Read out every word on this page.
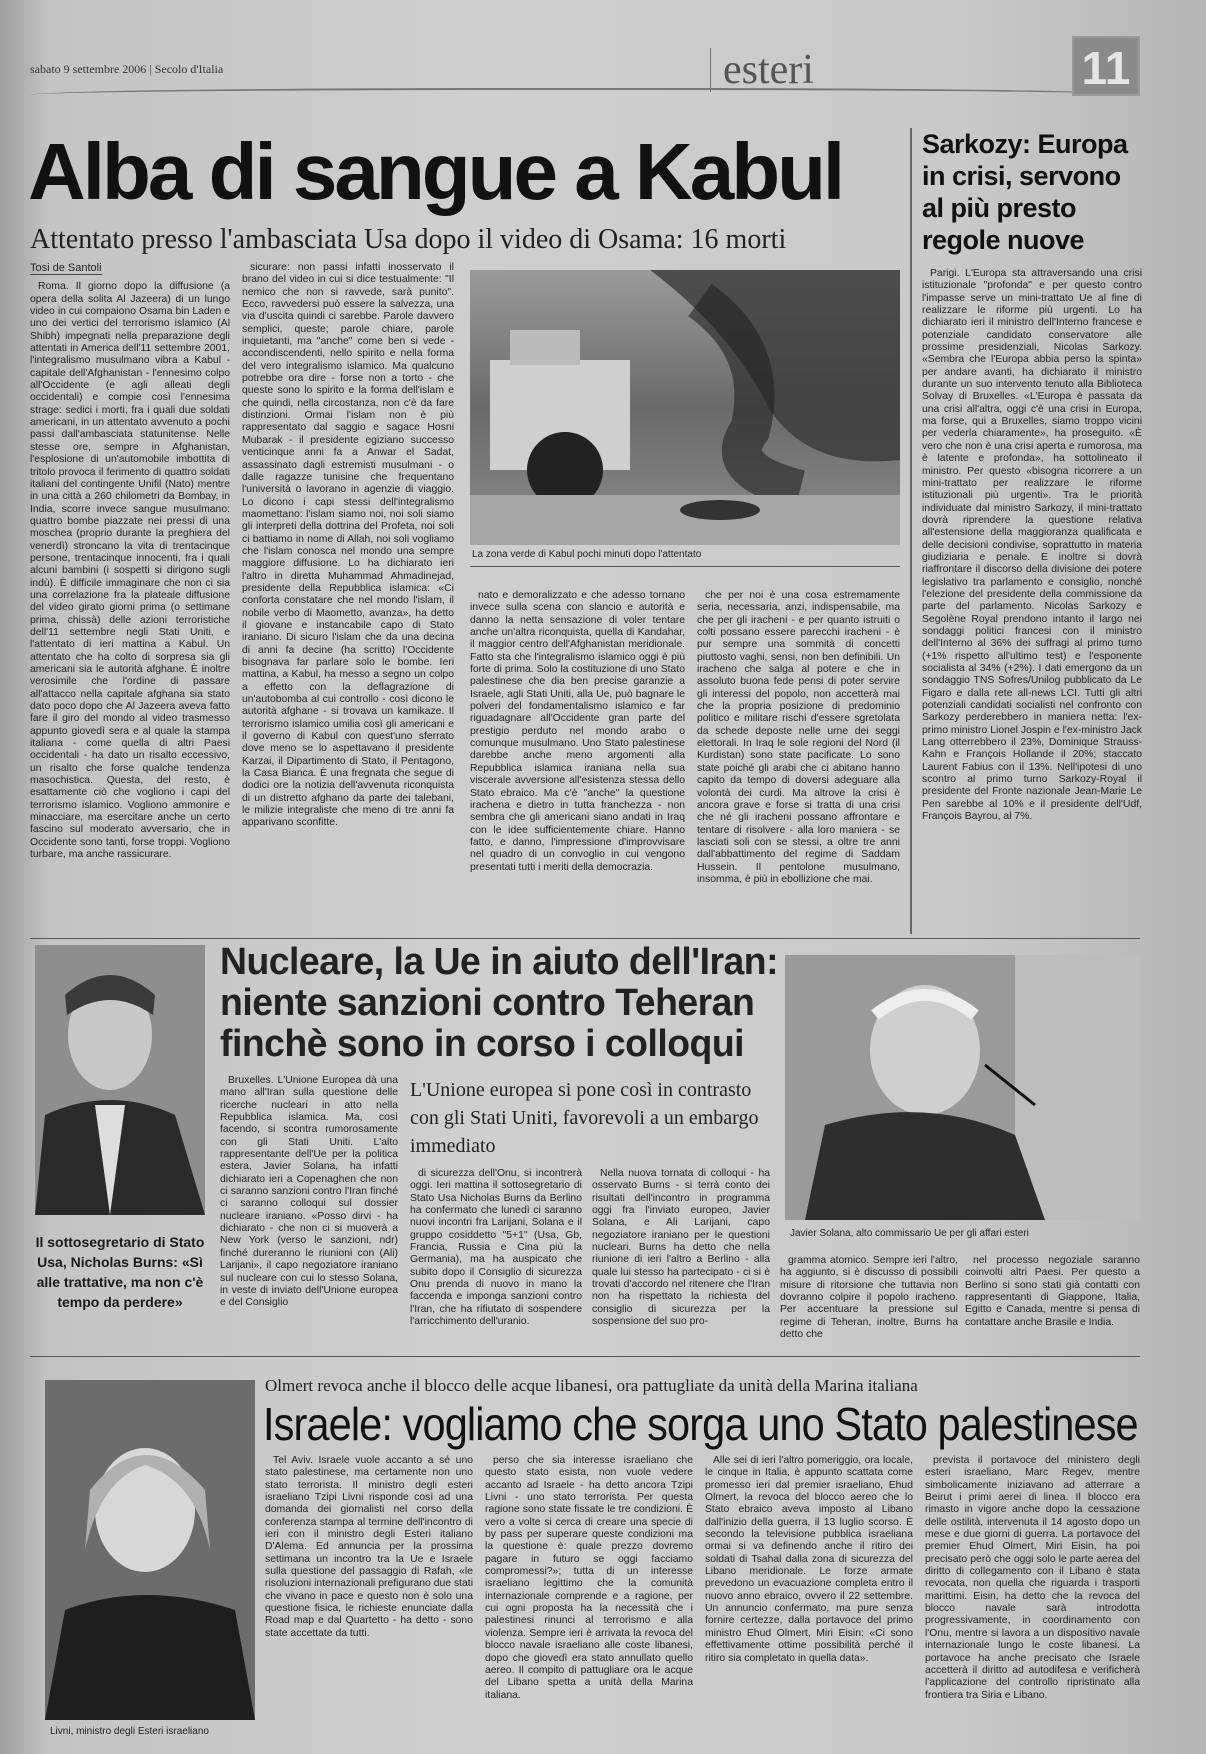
sabato 9 settembre 2006 | Secolo d'Italia	esteri	11
Alba di sangue a Kabul
Attentato presso l'ambasciata Usa dopo il video di Osama: 16 morti
Tosi de Santoli

Roma. Il giorno dopo la diffusione (a opera della solita Al Jazeera) di un lungo video in cui compaiono Osama bin Laden e uno dei vertici del terrorismo islamico (Al Shibh) impegnati nella preparazione degli attentati in America dell'11 settembre 2001, l'integralismo musulmano vibra a Kabul - capitale dell'Afghanistan - l'ennesimo colpo all'Occidente (e agli alleati degli occidentali) e compie così l'ennesima strage: sedici i morti, fra i quali due soldati americani, in un attentato avvenuto a pochi passi dall'ambasciata statunitense. Nelle stesse ore, sempre in Afghanistan, l'esplosione di un'automobile imbottita di tritolo provoca il ferimento di quattro soldati italiani del contingente Unifil (Nato) mentre in una città a 260 chilometri da Bombay, in India, scorre invece sangue musulmano: quattro bombe piazzate nei pressi di una moschea (proprio durante la preghiera del venerdì) stroncano la vita di trentacinque persone, trentacinque innocenti, fra i quali alcuni bambini (i sospetti si dirigono sugli indù). È difficile immaginare che non ci sia una correlazione fra la plateale diffusione del video girato giorni prima (o settimane prima, chissà) delle azioni terroristiche dell'11 settembre negli Stati Uniti, e l'attentato di ieri mattina a Kabul. Un attentato che ha colto di sorpresa sia gli americani sia le autorità afghane. È inoltre verosimile che l'ordine di passare all'attacco nella capitale afghana sia stato dato poco dopo che Al Jazeera aveva fatto fare il giro del mondo al video trasmesso appunto giovedì sera e al quale la stampa italiana - come quella di altri Paesi occidentali - ha dato un risalto eccessivo, un risalto che forse qualche tendenza masochistica. Questa, del resto, è esattamente ciò che vogliono i capi del terrorismo islamico. Vogliono ammonire e minacciare, ma esercitare anche un certo fascino sul moderato avversario, che in Occidente sono tanti, forse troppi. Vogliono turbare, ma anche rassicurare.

sicurare: non passi infatti inosservato il brano del video in cui si dice testualmente: "Il nemico che non si ravvede, sarà punito". Ecco, ravvedersi può essere la salvezza, una via d'uscita quindi ci sarebbe. Parole davvero semplici, queste; parole chiare, parole inquietanti, ma "anche" come ben si vede - accondiscendenti, nello spirito e nella forma del vero integralismo islamico. Ma qualcuno potrebbe ora dire - forse non a torto - che queste sono lo spirito e la forma dell'islam e che quindi, nella circostanza, non c'è da fare distinzioni. Ormai l'islam non è più rappresentato dal saggio e sagace Hosni Mubarak - il presidente egiziano successo venticinque anni fa a Anwar el Sadat, assassinato dagli estremisti musulmani - o dalle ragazze tunisine che frequentano l'università o lavorano in agenzie di viaggio. Lo dicono i capi stessi dell'integralismo maomettano: l'islam siamo noi, noi soli siamo gli interpreti della dottrina del Profeta, noi soli ci battiamo in nome di Allah, noi soli vogliamo che l'islam conosca nel mondo una sempre maggiore diffusione. Lo ha dichiarato ieri l'altro in diretta Muhammad Ahmadinejad, presidente della Repubblica islamica: «Ci conforta constatare che nel mondo l'islam, il nobile verbo di Maometto, avanza», ha detto il giovane e instancabile capo di Stato iraniano. Di sicuro l'islam che da una decina di anni fa decine (ha scritto) l'Occidente bisognava far parlare solo le bombe. Ieri mattina, a Kabul, ha messo a segno un colpo a effetto con la deflagrazione di un'autobomba al cui controllo - così dicono le autorità afghane - si trovava un kamikaze. Il terrorismo islamico umilia così gli americani e il governo di Kabul con quest'uno sferrato dove meno se lo aspettavano il presidente Karzai, il Dipartimento di Stato, il Pentagono, la Casa Bianca. È una fregnata che segue di dodici ore la notizia dell'avvenuta riconquista di un distretto afghano da parte dei talebani, le milizie integraliste che meno di tre anni fa apparivano sconfitte.

La zona verde di Kabul pochi minuti dopo l'attentato

nato e demoralizzato e che adesso tornano invece sulla scena con slancio e autorità e danno la netta sensazione di voler tentare anche un'altra riconquista, quella di Kandahar, il maggior centro dell'Afghanistan meridionale. Fatto sta che l'integralismo islamico oggi è più forte di prima. Solo la costituzione di uno Stato palestinese che dia ben precise garanzie a Israele, agli Stati Uniti, alla Ue, può bagnare le polveri del fondamentalismo islamico e far riguadagnare all'Occidente gran parte del prestigio perduto nel mondo arabo o comunque musulmano. Uno Stato palestinese darebbe anche meno argomenti alla Repubblica islamica iraniana nella sua viscerale avversione all'esistenza stessa dello Stato ebraico. Ma c'è "anche" la questione irachena e dietro in tutta franchezza - non sembra che gli americani siano andati in Iraq con le idee sufficientemente chiare. Hanno fatto, e danno, l'impressione d'improvvisare nel quadro di un convoglio in cui vengono presentati tutti i meriti della democrazia.

che per noi è una cosa estremamente seria, necessaria, anzi, indispensabile, ma che per gli iracheni - e per quanto istruiti o colti possano essere parecchi iracheni - è pur sempre una sommità di concetti piuttosto vaghi, sensi, non ben definibili. Un iracheno che salga al potere e che in assoluto buona fede pensi di poter servire gli interessi del popolo, non accetterà mai che la propria posizione di predominio politico e militare rischi d'essere sgretolata da schede deposte nelle urne dei seggi elettorali. In Iraq le sole regioni del Nord (il Kurdistan) sono state pacificate. Lo sono state poiché gli arabi che ci abitano hanno capito da tempo di doversi adeguare alla volontà dei curdi. Ma altrove la crisi è ancora grave e forse si tratta di una crisi che né gli iracheni possano affrontare e tentare di risolvere - alla loro maniera - se lasciati soli con se stessi, a oltre tre anni dall'abbattimento del regime di Saddam Hussein. Il pentolone musulmano, insomma, è più in ebollizione che mai.

Sarkozy: Europa in crisi, servono al più presto regole nuove

Parigi. L'Europa sta attraversando una crisi istituzionale "profonda" e per questo contro l'impasse serve un mini-trattato Ue al fine di realizzare le riforme più urgenti. Lo ha dichiarato ieri il ministro dell'Interno francese e potenziale candidato conservatore alle prossime presidenziali, Nicolas Sarkozy. «Sembra che l'Europa abbia perso la spinta» per andare avanti, ha dichiarato il ministro durante un suo intervento tenuto alla Biblioteca Solvay di Bruxelles. «L'Europa è passata da una crisi all'altra, oggi c'è una crisi in Europa, ma forse, qui a Bruxelles, siamo troppo vicini per vederla chiaramente», ha proseguito. «È vero che non è una crisi aperta e rumorosa, ma è latente e profonda», ha sottolineato il ministro. Per questo «bisogna ricorrere a un mini-trattato per realizzare le riforme istituzionali più urgenti». Tra le priorità individuate dal ministro Sarkozy, il mini-trattato dovrà riprendere la questione relativa all'estensione della maggioranza qualificata e delle decisioni condivise, soprattutto in materia giudiziaria e penale. E inoltre si dovrà riaffrontare il discorso della divisione dei potere legislativo tra parlamento e consiglio, nonché l'elezione del presidente della commissione da parte del parlamento. Nicolas Sarkozy e Segolène Royal prendono intanto il largo nei sondaggi politici francesi con il ministro dell'Interno al 36% dei suffragi al primo turno (+1% rispetto all'ultimo test) e l'esponente socialista al 34% (+2%). I dati emergono da un sondaggio TNS Sofres/Unilog pubblicato da Le Figaro e dalla rete all-news LCI. Tutti gli altri potenziali candidati socialisti nel confronto con Sarkozy perderebbero in maniera netta: l'ex-primo ministro Lionel Jospin e l'ex-ministro Jack Lang otterrebbero il 23%, Dominique Strauss-Kahn e François Hollande il 20%; staccato Laurent Fabius con il 13%. Nell'ipotesi di uno scontro al primo turno Sarkozy-Royal il presidente del Fronte nazionale Jean-Marie Le Pen sarebbe al 10% e il presidente dell'Udf, François Bayrou, al 7%.

Il sottosegretario di Stato Usa, Nicholas Burns: «Sì alle trattative, ma non c'è tempo da perdere»
Nucleare, la Ue in aiuto dell'Iran: niente sanzioni contro Teheran finchè sono in corso i colloqui

Bruxelles. L'Unione Europea dà una mano all'Iran sulla questione delle ricerche nucleari in atto nella Repubblica islamica. Ma, così facendo, si scontra rumorosamente con gli Stati Uniti. L'alto rappresentante dell'Ue per la politica estera, Javier Solana, ha infatti dichiarato ieri a Copenaghen che non ci saranno sanzioni contro l'Iran finché ci saranno colloqui sul dossier nucleare iraniano. «Posso dirvi - ha dichiarato - che non ci si muoverà a New York (verso le sanzioni, ndr) finché dureranno le riunioni con (Ali) Larijani», il capo negoziatore iraniano sul nucleare con cui lo stesso Solana, in veste di inviato dell'Unione europea e del Consiglio

L'Unione europea si pone così in contrasto con gli Stati Uniti, favorevoli a un embargo immediato

di sicurezza dell'Onu, si incontrerà oggi. Ieri mattina il sottosegretario di Stato Usa Nicholas Burns da Berlino ha confermato che lunedì ci saranno nuovi incontri fra Larijani, Solana e il gruppo cosiddetto "5+1" (Usa, Gb, Francia, Russia e Cina più la Germania), ma ha auspicato che subito dopo il Consiglio di sicurezza Onu prenda di nuovo in mano la faccenda e imponga sanzioni contro l'Iran, che ha rifiutato di sospendere l'arricchimento dell'uranio.

Nella nuova tornata di colloqui - ha osservato Burns - si terrà conto dei risultati dell'incontro in programma oggi fra l'inviato europeo, Javier Solana, e Ali Larijani, capo negoziatore iraniano per le questioni nucleari. Burns ha detto che nella riunione di ieri l'altro a Berlino - alla quale lui stesso ha partecipato - ci si è trovati d'accordo nel ritenere che l'Iran non ha rispettato la richiesta del consiglio di sicurezza per la sospensione del suo pro-

Javier Solana, alto commissario Ue per gli affari esteri

gramma atomico. Sempre ieri l'altro, ha aggiunto, si è discusso di possibili misure di ritorsione che tuttavia non dovranno colpire il popolo iracheno. Per accentuare la pressione sul regime di Teheran, inoltre, Burns ha detto che

nel processo negoziale saranno coinvolti altri Paesi. Per questo a Berlino si sono stati già contatti con rappresentanti di Giappone, Italia, Egitto e Canada, mentre si pensa di contattare anche Brasile e India.

Livni, ministro degli Esteri israeliano
Olmert revoca anche il blocco delle acque libanesi, ora pattugliate da unità della Marina italiana
Israele: vogliamo che sorga uno Stato palestinese

Tel Aviv. Israele vuole accanto a sé uno stato palestinese, ma certamente non uno stato terrorista. Il ministro degli esteri israeliano Tzipi Livni risponde così ad una domanda dei giornalisti nel corso della conferenza stampa al termine dell'incontro di ieri con il ministro degli Esteri italiano D'Alema. Ed annuncia per la prossima settimana un incontro tra la Ue e Israele sulla questione del passaggio di Rafah, «le risoluzioni internazionali prefigurano due stati che vivano in pace e questo non è solo una questione fisica, le richieste enunciate dalla Road map e dal Quartetto - ha detto - sono state accettate da tutti.

perso che sia interesse israeliano che questo stato esista, non vuole vedere accanto ad Israele - ha detto ancora Tzipi Livni - uno stato terrorista. Per questa ragione sono state fissate le tre condizioni. È vero a volte si cerca di creare una specie di by pass per superare queste condizioni ma la questione è: quale prezzo dovremo pagare in futuro se oggi facciamo compromessi?»; tutta di un interesse israeliano legittimo che la comunità internazionale comprende e a ragione, per cui ogni proposta ha la necessità che i palestinesi rinunci al terrorismo e alla violenza. Sempre ieri è arrivata la revoca del blocco navale israeliano alle coste libanesi, dopo che giovedì era stato annullato quello aereo. Il compito di pattugliare ora le acque del Libano spetta a unità della Marina italiana.

Alle sei di ieri l'altro pomeriggio, ora locale, le cinque in Italia, è appunto scattata come promesso ieri dal premier israeliano, Ehud Olmert, la revoca del blocco aereo che lo Stato ebraico aveva imposto al Libano dall'inizio della guerra, il 13 luglio scorso. È secondo la televisione pubblica israeliana ormai si va definendo anche il ritiro dei soldati di Tsahal dalla zona di sicurezza del Libano meridionale. Le forze armate prevedono un evacuazione completa entro il nuovo anno ebraico, ovvero il 22 settembre. Un annuncio confermato, ma pure senza fornire certezze, dalla portavoce del primo ministro Ehud Olmert, Miri Eisin: «Ci sono effettivamente ottime possibilità perché il ritiro sia completato in quella data».

prevista il portavoce del ministero degli esteri israeliano, Marc Regev, mentre simbolicamente iniziavano ad atterrare a Beirut i primi aerei di linea. Il blocco era rimasto in vigore anche dopo la cessazione delle ostilità, intervenuta il 14 agosto dopo un mese e due giorni di guerra. La portavoce del premier Ehud Olmert, Miri Eisin, ha poi precisato però che oggi solo le parte aerea del diritto di collegamento con il Libano è stata revocata, non quella che riguarda i trasporti marittimi. Eisin, ha detto che la revoca del blocco navale sarà introdotta progressivamente, in coordinamento con l'Onu, mentre si lavora a un dispositivo navale internazionale lungo le coste libanesi. La portavoce ha anche precisato che Israele accetterà il diritto ad autodifesa e verificherà l'applicazione del controllo ripristinato alla frontiera tra Siria e Libano.
